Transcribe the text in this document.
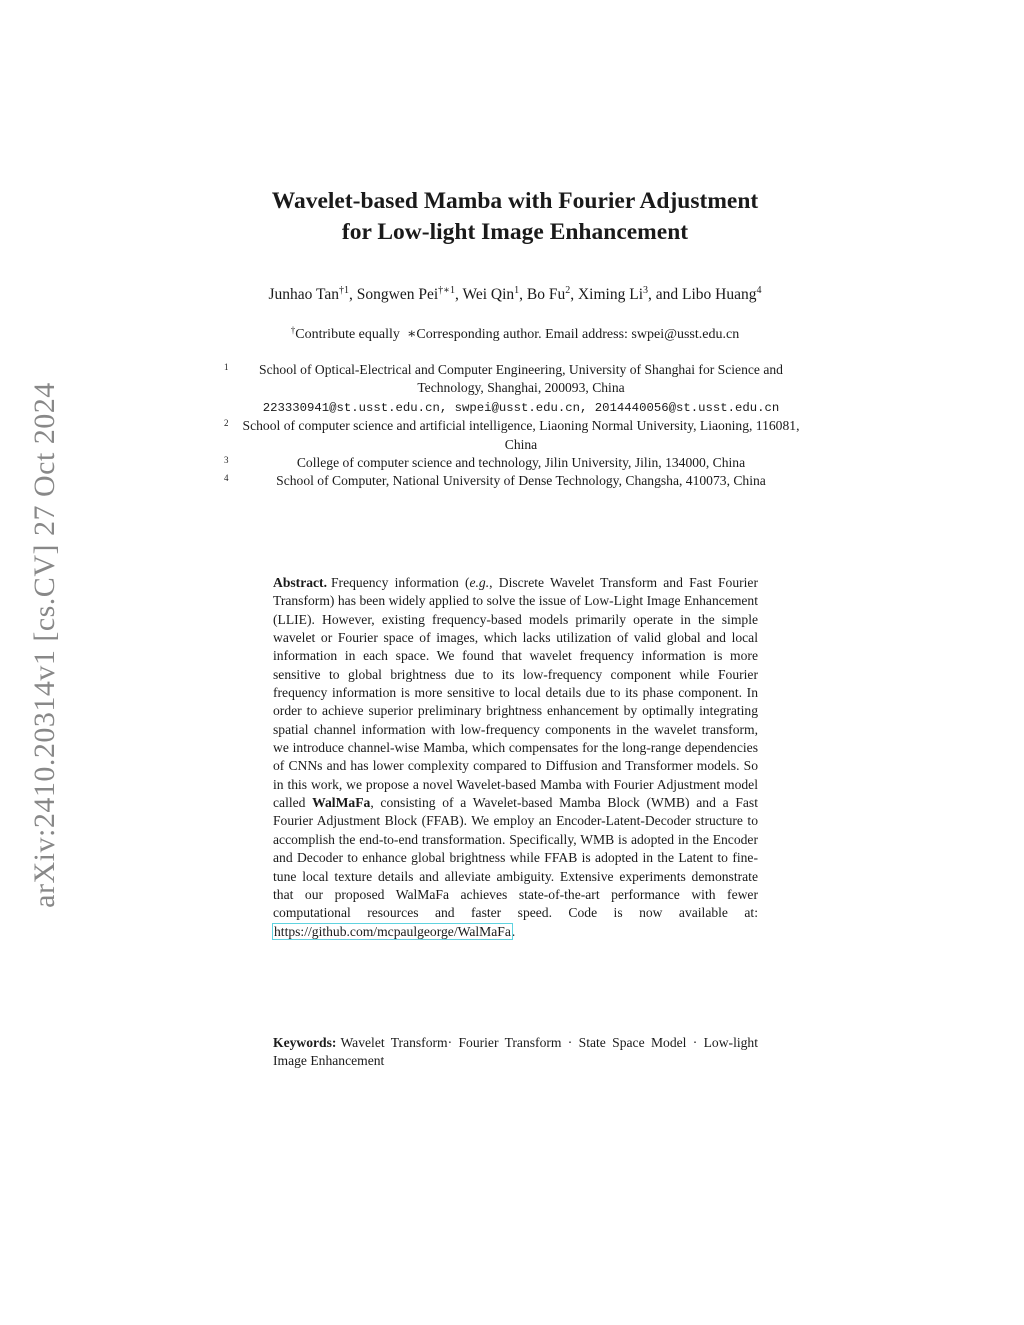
arXiv:2410.20314v1 [cs.CV] 27 Oct 2024
Wavelet-based Mamba with Fourier Adjustment
for Low-light Image Enhancement
Junhao Tan$^{\dagger 1}$, Songwen Pei$^{\dagger∗1}$, Wei Qin$^1$, Bo Fu$^2$, Ximing Li$^3$, and Libo Huang$^4$
†Contribute equally ∗Corresponding author. Email address: swpei@usst.edu.cn
1 School of Optical-Electrical and Computer Engineering, University of Shanghai for Science and Technology, Shanghai, 200093, China
223330941@st.usst.edu.cn, swpei@usst.edu.cn, 2014440056@st.usst.edu.cn
2 School of computer science and artificial intelligence, Liaoning Normal University, Liaoning, 116081, China
3	College of computer science and technology, Jilin University, Jilin, 134000, China
4	School of Computer, National University of Dense Technology, Changsha, 410073, China
Abstract. Frequency information (e.g., Discrete Wavelet Transform and Fast Fourier Transform) has been widely applied to solve the issue of Low-Light Image Enhancement (LLIE). However, existing frequency-based models primarily operate in the simple wavelet or Fourier space of images, which lacks utilization of valid global and local information in each space. We found that wavelet frequency information is more sensitive to global brightness due to its low-frequency component while Fourier frequency information is more sensitive to local details due to its phase component. In order to achieve superior preliminary brightness enhancement by optimally integrating spatial channel information with low-frequency components in the wavelet transform, we introduce channel-wise Mamba, which compensates for the long-range dependencies of CNNs and has lower complexity compared to Diffusion and Transformer models. So in this work, we propose a novel Wavelet-based Mamba with Fourier Adjustment model called WalMaFa, consisting of a Wavelet-based Mamba Block (WMB) and a Fast Fourier Adjustment Block (FFAB). We employ an Encoder-Latent-Decoder structure to accomplish the end-to-end transformation. Specifically, WMB is adopted in the Encoder and Decoder to enhance global brightness while FFAB is adopted in the Latent to fine-tune local texture details and alleviate ambiguity. Extensive experiments demonstrate that our proposed WalMaFa achieves state-of-the-art performance with fewer computational resources and faster speed. Code is now available at: https://github.com/mcpaulgeorge/WalMaFa.
Keywords: Wavelet Transform· Fourier Transform · State Space Model · Low-light Image Enhancement
